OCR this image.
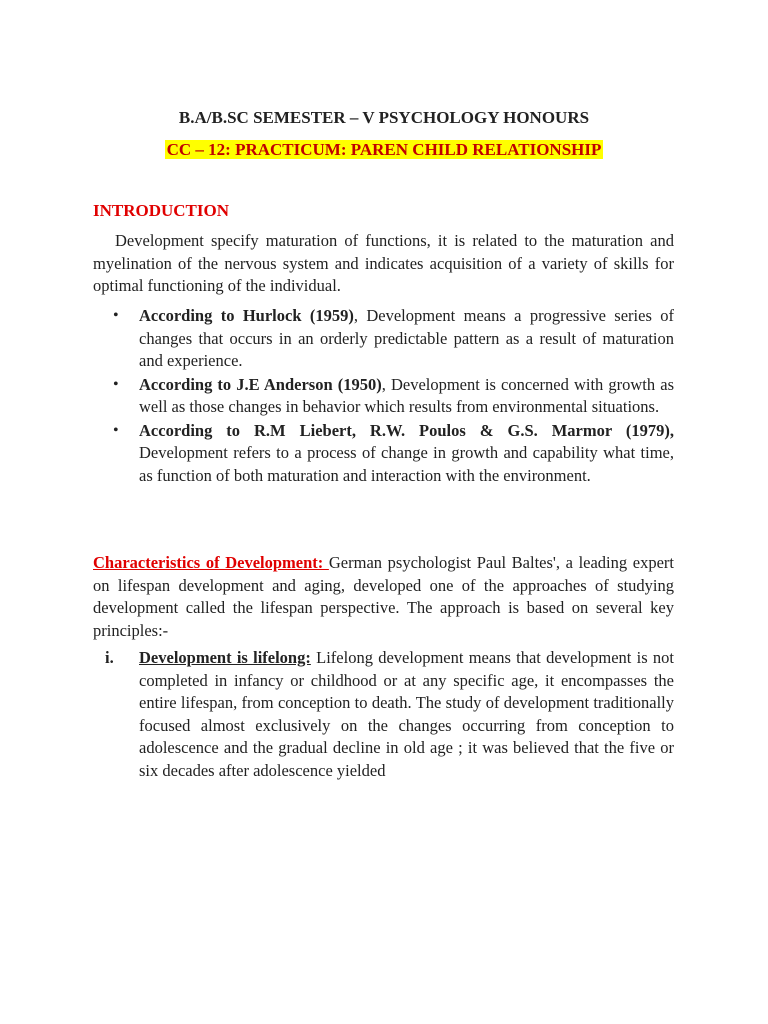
B.A/B.SC SEMESTER – V PSYCHOLOGY HONOURS
CC – 12: PRACTICUM: PAREN CHILD RELATIONSHIP
INTRODUCTION
Development specify maturation of functions, it is related to the maturation and myelination of the nervous system and indicates acquisition of a variety of skills for optimal functioning of the individual.
• According to Hurlock (1959), Development means a progressive series of changes that occurs in an orderly predictable pattern as a result of maturation and experience.
• According to J.E Anderson (1950), Development is concerned with growth as well as those changes in behavior which results from environmental situations.
• According to R.M Liebert, R.W. Poulos & G.S. Marmor (1979), Development refers to a process of change in growth and capability what time, as function of both maturation and interaction with the environment.
Characteristics of Development: German psychologist Paul Baltes', a leading expert on lifespan development and aging, developed one of the approaches of studying development called the lifespan perspective. The approach is based on several key principles:-
i. Development is lifelong: Lifelong development means that development is not completed in infancy or childhood or at any specific age, it encompasses the entire lifespan, from conception to death. The study of development traditionally focused almost exclusively on the changes occurring from conception to adolescence and the gradual decline in old age ; it was believed that the five or six decades after adolescence yielded
